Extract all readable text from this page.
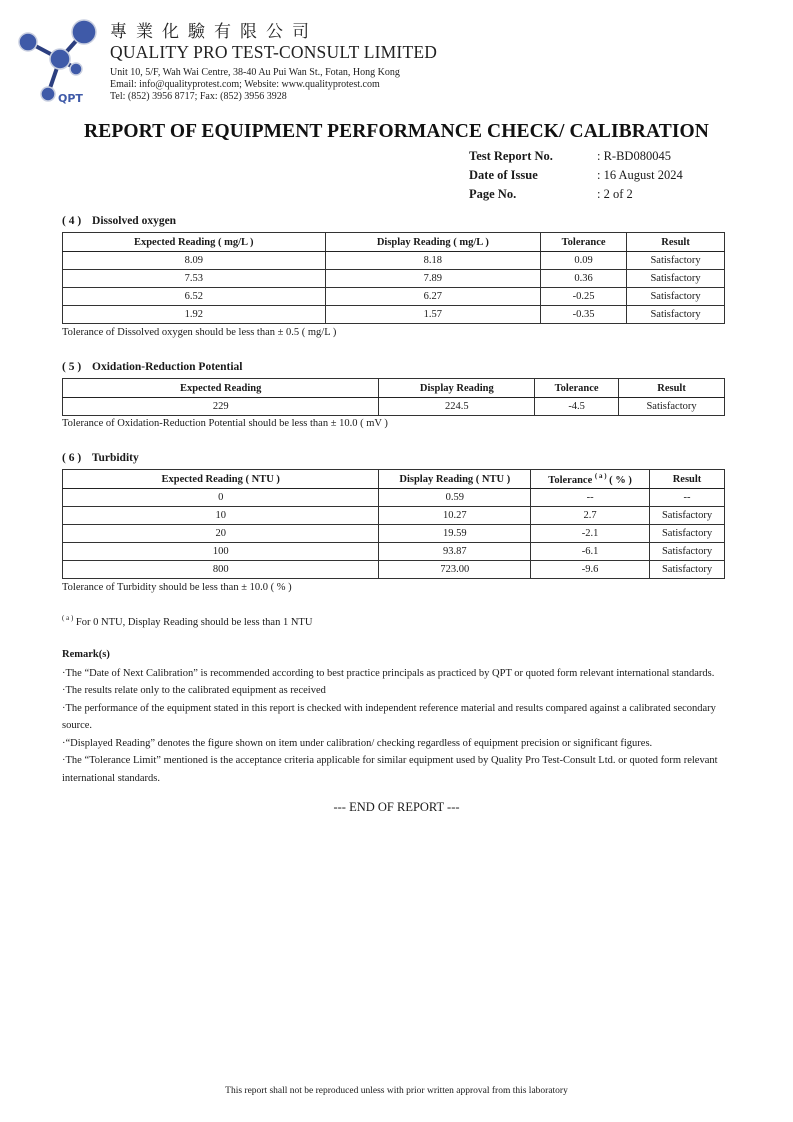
QPT
專業化驗有限公司
QUALITY PRO TEST-CONSULT LIMITED
Unit 10, 5/F, Wah Wai Centre, 38-40 Au Pui Wan St., Fotan, Hong Kong
Email: info@qualityprotest.com; Website: www.qualityprotest.com
Tel: (852) 3956 8717; Fax: (852) 3956 3928
REPORT OF EQUIPMENT PERFORMANCE CHECK/ CALIBRATION
Test Report No.	: R-BD080045
Date of Issue	: 16 August 2024
Page No.	: 2 of 2
( 4 ) Dissolved oxygen
Expected Reading ( mg/L )	Display Reading ( mg/L )	Tolerance	Result
8.09	8.18	0.09	Satisfactory
7.53	7.89	0.36	Satisfactory
6.52	6.27	-0.25	Satisfactory
1.92	1.57	-0.35	Satisfactory
Tolerance of Dissolved oxygen should be less than ± 0.5 ( mg/L )
( 5 ) Oxidation-Reduction Potential
Expected Reading	Display Reading	Tolerance	Result
229	224.5	-4.5	Satisfactory
Tolerance of Oxidation-Reduction Potential should be less than ± 10.0 ( mV )
( 6 ) Turbidity
Expected Reading ( NTU )	Display Reading ( NTU )	Tolerance $^{( a )}$ ( % )	Result
0	0.59	--	--
10	10.27	2.7	Satisfactory
20	19.59	-2.1	Satisfactory
100	93.87	-6.1	Satisfactory
800	723.00	-9.6	Satisfactory
Tolerance of Turbidity should be less than ± 10.0 ( % )
$^{( a )}$ For 0 NTU, Display Reading should be less than 1 NTU
Remark(s)
·The “Date of Next Calibration” is recommended according to best practice principals as practiced by QPT or quoted form relevant international standards.
·The results relate only to the calibrated equipment as received
·The performance of the equipment stated in this report is checked with independent reference material and results compared against a calibrated secondary source.
·“Displayed Reading” denotes the figure shown on item under calibration/ checking regardless of equipment precision or significant figures.
·The “Tolerance Limit” mentioned is the acceptance criteria applicable for similar equipment used by Quality Pro Test-Consult Ltd. or quoted form relevant international standards.
--- END OF REPORT ---
This report shall not be reproduced unless with prior written approval from this laboratory
